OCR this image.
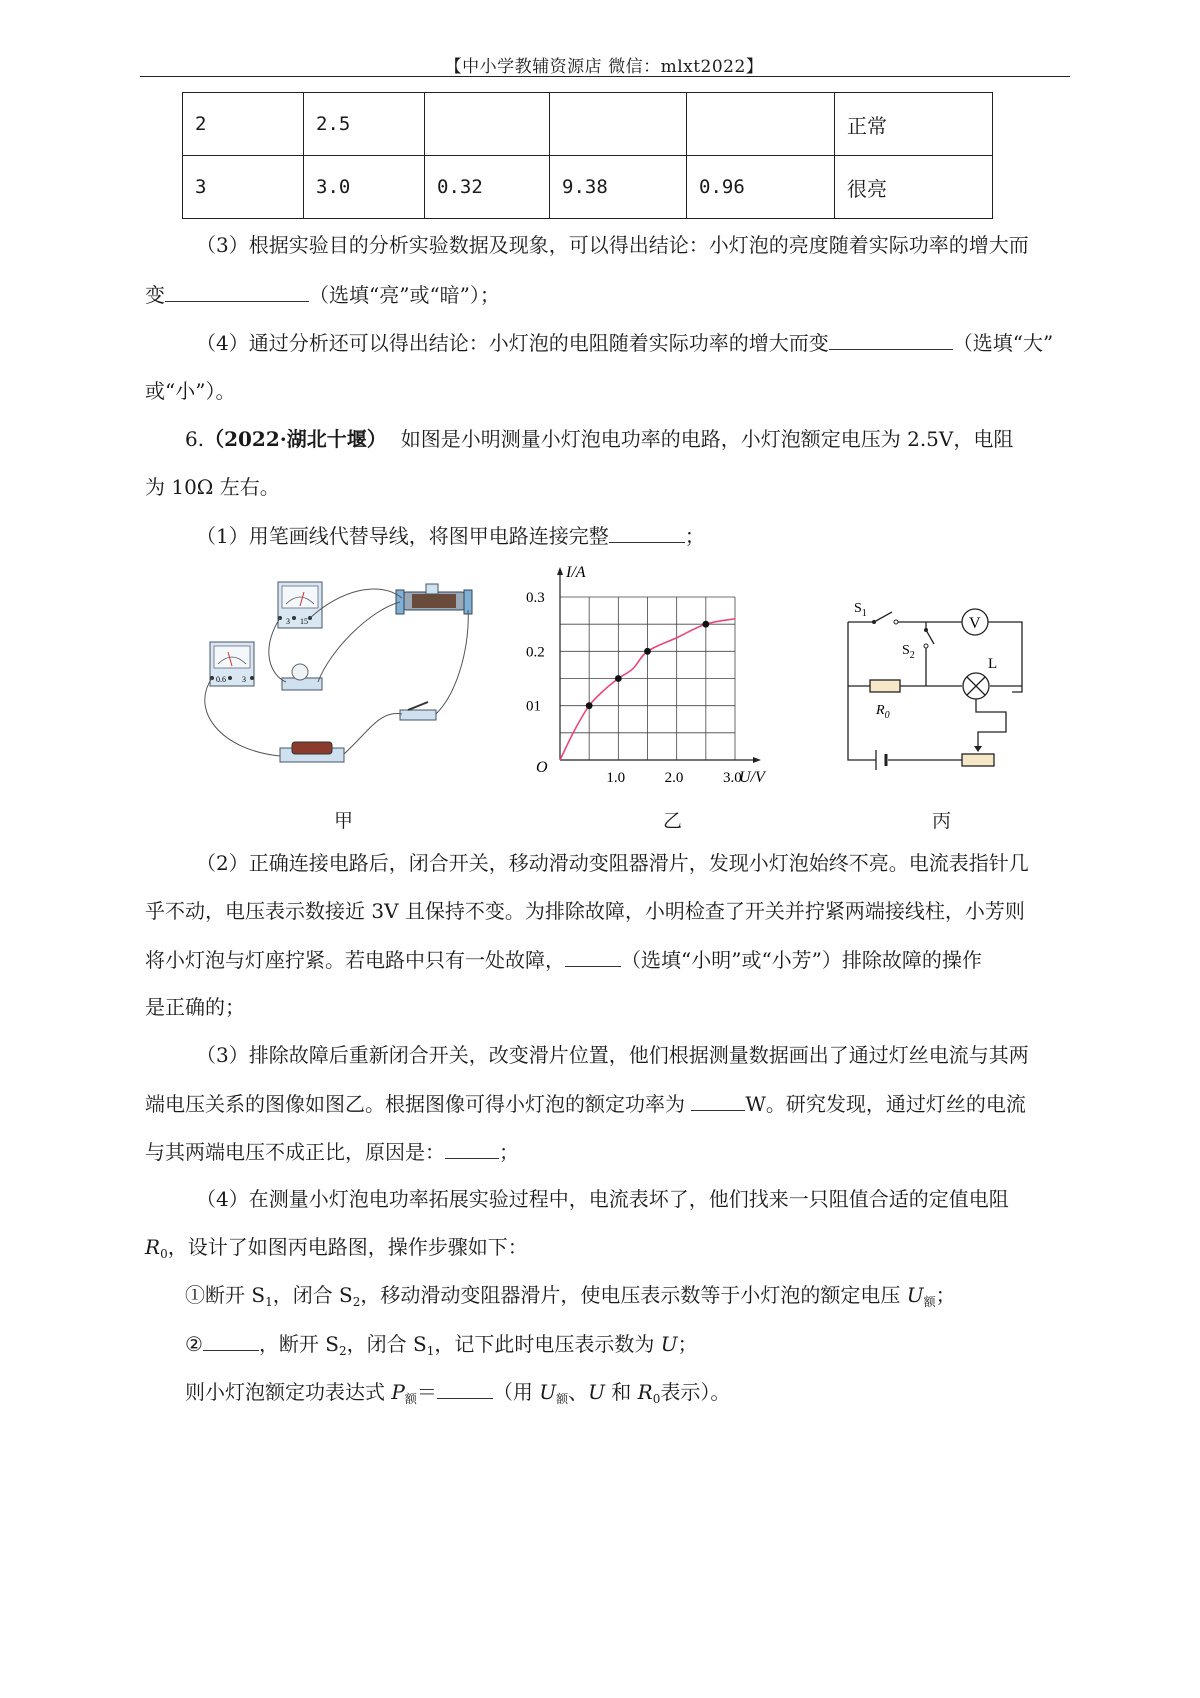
【中小学教辅资源店 微信：mlxt2022】
2	2.5				正常
3	3.0	0.32	9.38	0.96	很亮
（3）根据实验目的分析实验数据及现象，可以得出结论：小灯泡的亮度随着实际功率的增大而
变	（选填“亮”或“暗”）；
（4）通过分析还可以得出结论：小灯泡的电阻随着实际功率的增大而变	（选填“大”
或“小”）。
6.（2022·湖北十堰） 如图是小明测量小灯泡电功率的电路，小灯泡额定电压为 2.5V，电阻
为 10Ω 左右。
（1）用笔画线代替导线，将图甲电路连接完整	；
0.6 3
3 15
I/A
U/V
O
1.0	2.0	3.0
01
0.2
0.3
V
L
$R_0$
$S_1$
$S_2$
甲	乙	丙
（2）正确连接电路后，闭合开关，移动滑动变阻器滑片，发现小灯泡始终不亮。电流表指针几
乎不动，电压表示数接近 3V 且保持不变。为排除故障，小明检查了开关并拧紧两端接线柱，小芳则
将小灯泡与灯座拧紧。若电路中只有一处故障，	（选填“小明”或“小芳”）排除故障的操作
是正确的；
（3）排除故障后重新闭合开关，改变滑片位置，他们根据测量数据画出了通过灯丝电流与其两
端电压关系的图像如图乙。根据图像可得小灯泡的额定功率为	W。研究发现，通过灯丝的电流
与其两端电压不成正比，原因是：	；
（4）在测量小灯泡电功率拓展实验过程中，电流表坏了，他们找来一只阻值合适的定值电阻
$R_0$，设计了如图丙电路图，操作步骤如下：
①断开 $S_1$，闭合 $S_2$，移动滑动变阻器滑片，使电压表示数等于小灯泡的额定电压 $U_额$；
②	，断开 $S_2$，闭合 $S_1$，记下此时电压表示数为 U；
则小灯泡额定功表达式 $P_额=$	（用 $U_额$、U 和 $R_0$表示）。
